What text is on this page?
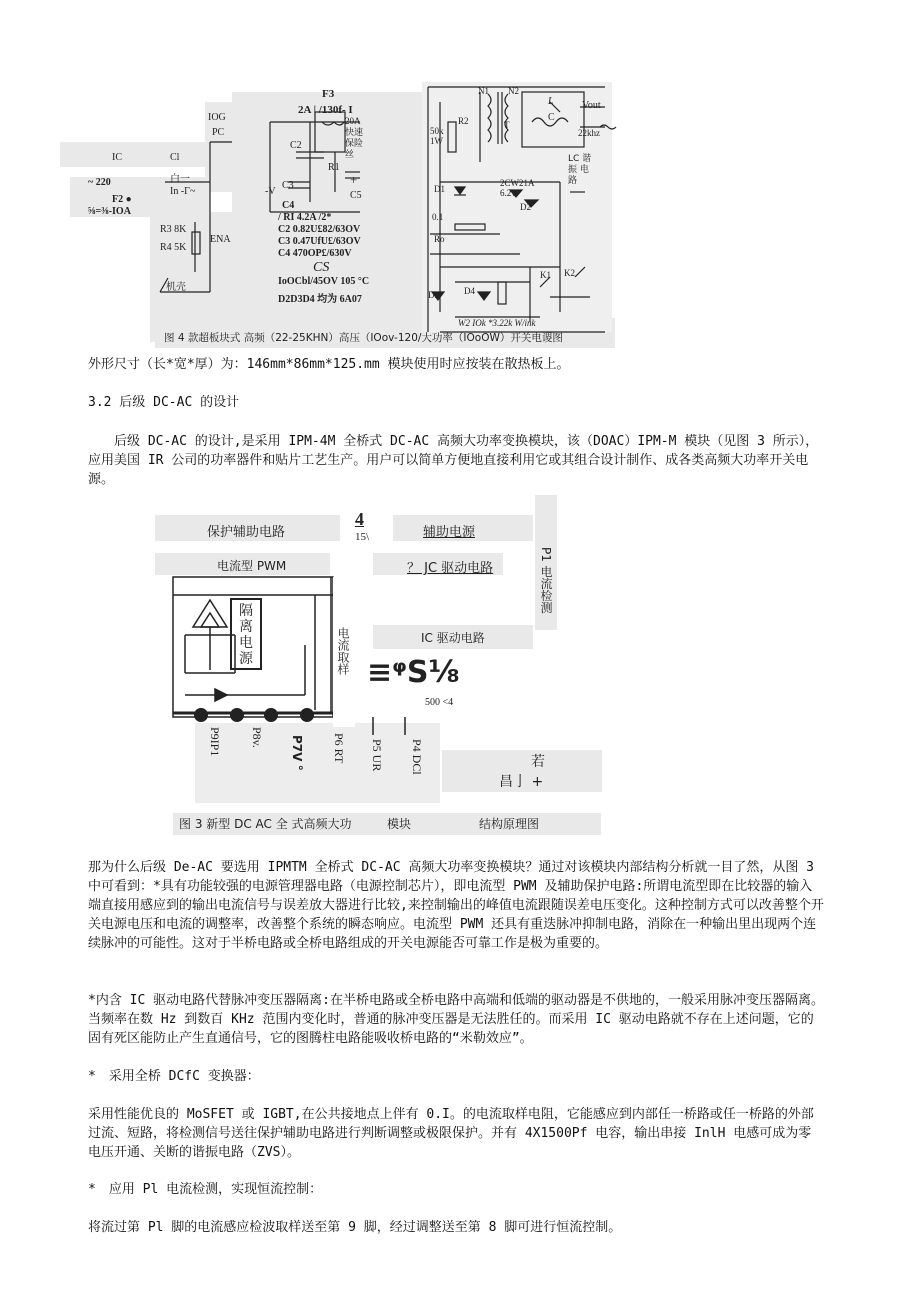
F3
2A | /130f- I
IOG
PC
IC	Cl
C2
C3
~ 220	白一
In -Γ~
F2 ●
⅝=⅜-IOA
R3 8K
R4 5K
ENA
机壳
-V
20A 快速 保险 丝
R1
+
C5
C4
/ RI 4.2A /2*
C2 0.82U£82/63OV
C3 0.47UfU£/63OV
C4 470OP£/630V
CS
IoOCbl/45OV 105 °C
D2D3D4 均为 6A07
N1 N2
T
L
C
Vout
22khz
R2
50k 1W
LC 谐振 电路
D1
2CW21A 6.2v
D2
0.1
Ro
K1 K2
D3	D4
W2 IOk *3.22k W/ink
图 4 款超板块式 高频（22-25KHN）高压（IOov-120/大功率（IOoOW）开关电谡图
外形尺寸（长*宽*厚）为：146mm*86mm*125.mm 模块使用时应按装在散热板上。
3.2 后级 DC-AC 的设计
后级 DC-AC 的设计,是采用 IPM-4M 全桥式 DC-AC 高频大功率变换模块，该（DOAC）IPM-M 模块（见图 3 所示），应用美国 IR 公司的功率器件和贴片工艺生产。用户可以简单方便地直接利用它或其组合设计制作、成各类高频大功率开关电源。
保护辅助电路
4
15\	辅助电源
P1 电流检测
电流型 PWM	？ JC 驱动电路
隔离电源	电流取样	IC 驱动电路
≡ᵠS⅛
500 <4
P9IP1 P8v. P7V 。 P6 RT P5 UR P4 DCl	若
昌亅 +
图 3 新型 DC AC 全 式高频大功	模块	结构原理图
那为什么后级 De-AC 要选用 IPMTM 全桥式 DC-AC 高频大功率变换模块？通过对该模块内部结构分析就一目了然，从图 3 中可看到：*具有功能较强的电源管理器电路（电源控制芯片），即电流型 PWM 及辅助保护电路:所谓电流型即在比较器的输入端直接用感应到的输出电流信号与误差放大器进行比较,来控制输出的峰值电流跟随误差电压变化。这种控制方式可以改善整个开关电源电压和电流的调整率，改善整个系统的瞬态响应。电流型 PWM 还具有重迭脉冲抑制电路，消除在一种输出里出现两个连续脉冲的可能性。这对于半桥电路或全桥电路组成的开关电源能否可靠工作是极为重要的。
*内含 IC 驱动电路代替脉冲变压器隔离:在半桥电路或全桥电路中高端和低端的驱动器是不供地的，一般采用脉冲变压器隔离。当频率在数 Hz 到数百 KHz 范围内变化时，普通的脉冲变压器是无法胜任的。而采用 IC 驱动电路就不存在上述问题，它的固有死区能防止产生直通信号，它的图腾柱电路能吸收桥电路的“米勒效应”。
*　采用全桥 DCfC 变换器：
采用性能优良的 MoSFET 或 IGBT,在公共接地点上伴有 0.I。的电流取样电阻，它能感应到内部任一桥路或任一桥路的外部过流、短路，将检测信号送往保护辅助电路进行判断调整或极限保护。并有 4X1500Pf 电容，输出串接 InlH 电感可成为零电压开通、关断的谐振电路（ZVS）。
*　应用 Pl 电流检测，实现恒流控制：
将流过第 Pl 脚的电流感应检波取样送至第 9 脚，经过调整送至第 8 脚可进行恒流控制。
